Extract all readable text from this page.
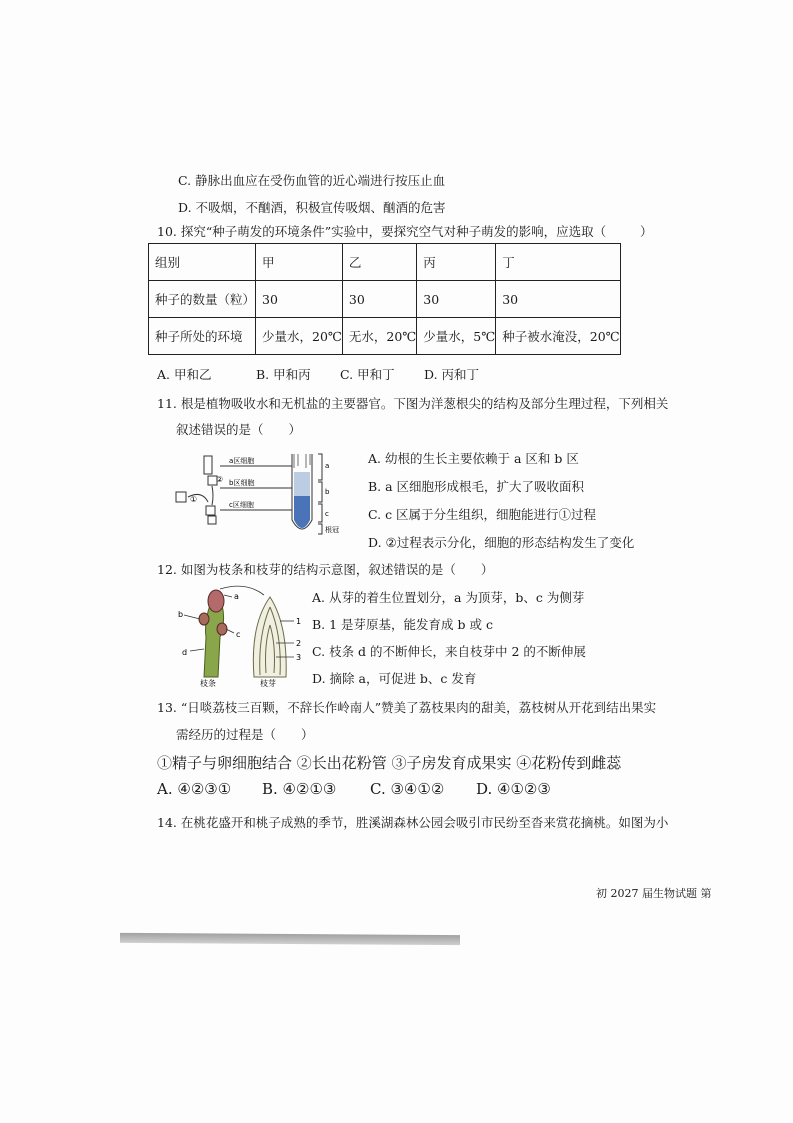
C. 静脉出血应在受伤血管的近心端进行按压止血
D. 不吸烟，不酗酒，积极宣传吸烟、酗酒的危害
10. 探究“种子萌发的环境条件”实验中，要探究空气对种子萌发的影响，应选取（	）
组别	甲	乙	丙	丁
种子的数量（粒）	30	30	30	30
种子所处的环境	少量水，20℃	无水，20℃	少量水，5℃	种子被水淹没，20℃
A. 甲和乙	B. 甲和丙 C. 甲和丁 D. 丙和丁
11. 根是植物吸收水和无机盐的主要器官。下图为洋葱根尖的结构及部分生理过程，下列相关
叙述错误的是（　　）
a区细胞
b区细胞
c区细胞
a
b
c
根冠
①
②
A. 幼根的生长主要依赖于 a 区和 b 区
B. a 区细胞形成根毛，扩大了吸收面积
C. c 区属于分生组织，细胞能进行①过程
D. ②过程表示分化，细胞的形态结构发生了变化
12. 如图为枝条和枝芽的结构示意图，叙述错误的是（　　）
a
b
c
d
1
2
3
枝条	枝芽
A. 从芽的着生位置划分，a 为顶芽，b、c 为侧芽
B. 1 是芽原基，能发育成 b 或 c
C. 枝条 d 的不断伸长，来自枝芽中 2 的不断伸展
D. 摘除 a，可促进 b、c 发育
13. “日啖荔枝三百颗，不辞长作岭南人”赞美了荔枝果肉的甜美，荔枝树从开花到结出果实
需经历的过程是（　　）
①精子与卵细胞结合 ②长出花粉管 ③子房发育成果实 ④花粉传到雌蕊
A. ④②③① B. ④②①③ C. ③④①② D. ④①②③
14. 在桃花盛开和桃子成熟的季节，胜溪湖森林公园会吸引市民纷至沓来赏花摘桃。如图为小
初 2027 届生物试题 第
